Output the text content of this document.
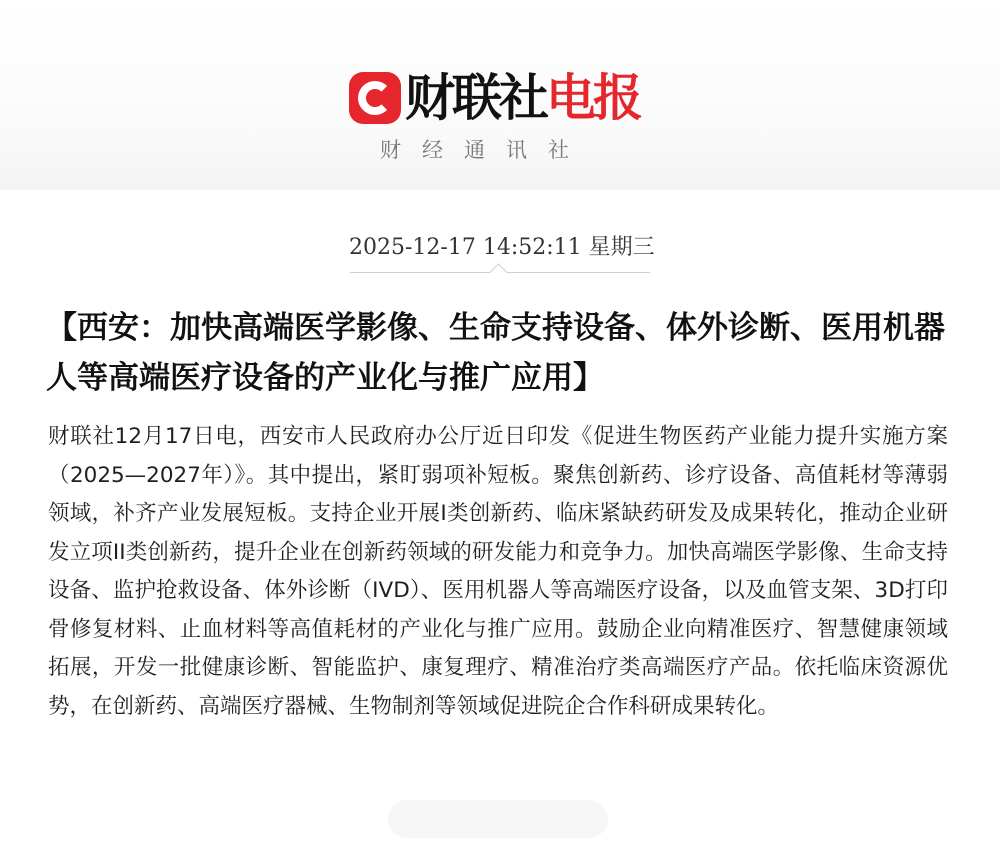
财联社电报
财经通讯社
2025-12-17 14:52:11 星期三
【西安：加快高端医学影像、生命支持设备、体外诊断、医用机器人等高端医疗设备的产业化与推广应用】
财联社12月17日电，西安市人民政府办公厅近日印发《促进生物医药产业能力提升实施方案（2025—2027年）》。其中提出，紧盯弱项补短板。聚焦创新药、诊疗设备、高值耗材等薄弱领域，补齐产业发展短板。支持企业开展I类创新药、临床紧缺药研发及成果转化，推动企业研发立项II类创新药，提升企业在创新药领域的研发能力和竞争力。加快高端医学影像、生命支持设备、监护抢救设备、体外诊断（IVD）、医用机器人等高端医疗设备，以及血管支架、3D打印骨修复材料、止血材料等高值耗材的产业化与推广应用。鼓励企业向精准医疗、智慧健康领域拓展，开发一批健康诊断、智能监护、康复理疗、精准治疗类高端医疗产品。依托临床资源优势，在创新药、高端医疗器械、生物制剂等领域促进院企合作科研成果转化。
